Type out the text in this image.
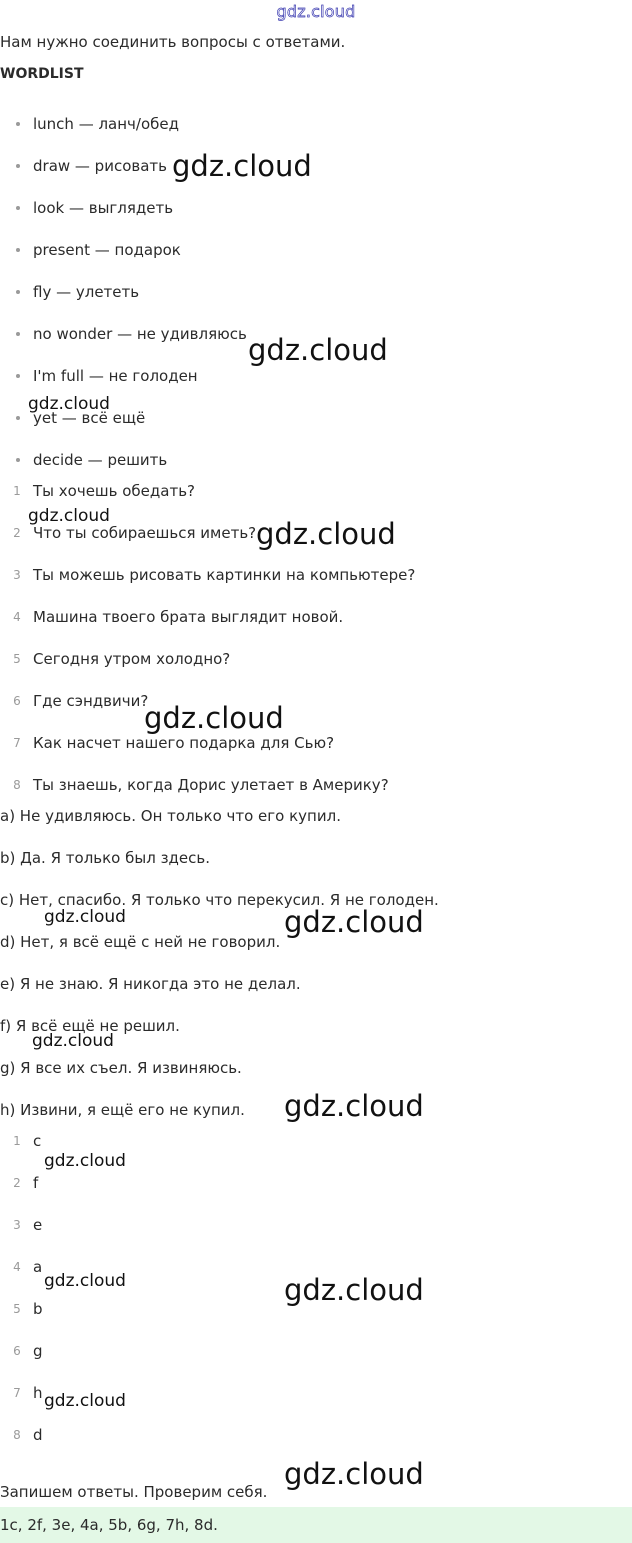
gdz.cloud
Нам нужно соединить вопросы с ответами.
WORDLIST
lunch — ланч/обед
draw — рисовать
look — выглядеть
present — подарок
fly — улететь
no wonder — не удивляюсь
I'm full — не голоден
yet — всё ещё
decide — решить
1 Ты хочешь обедать?
2 Что ты собираешься иметь?
3 Ты можешь рисовать картинки на компьютере?
4 Машина твоего брата выглядит новой.
5 Сегодня утром холодно?
6 Где сэндвичи?
7 Как насчет нашего подарка для Сью?
8 Ты знаешь, когда Дорис улетает в Америку?
a) Не удивляюсь. Он только что его купил.
b) Да. Я только был здесь.
c) Нет, спасибо. Я только что перекусил. Я не голоден.
d) Нет, я всё ещё с ней не говорил.
e) Я не знаю. Я никогда это не делал.
f) Я всё ещё не решил.
g) Я все их съел. Я извиняюсь.
h) Извини, я ещё его не купил.
1 c
2 f
3 e
4 a
5 b
6 g
7 h
8 d
Запишем ответы. Проверим себя.
1c, 2f, 3e, 4a, 5b, 6g, 7h, 8d.
gdz.cloud
gdz.cloud
gdz.cloud
gdz.cloud
gdz.cloud
gdz.cloud
gdz.cloud	gdz.cloud
gdz.cloud
gdz.cloud
gdz.cloud
gdz.cloud	gdz.cloud
gdz.cloud
gdz.cloud
